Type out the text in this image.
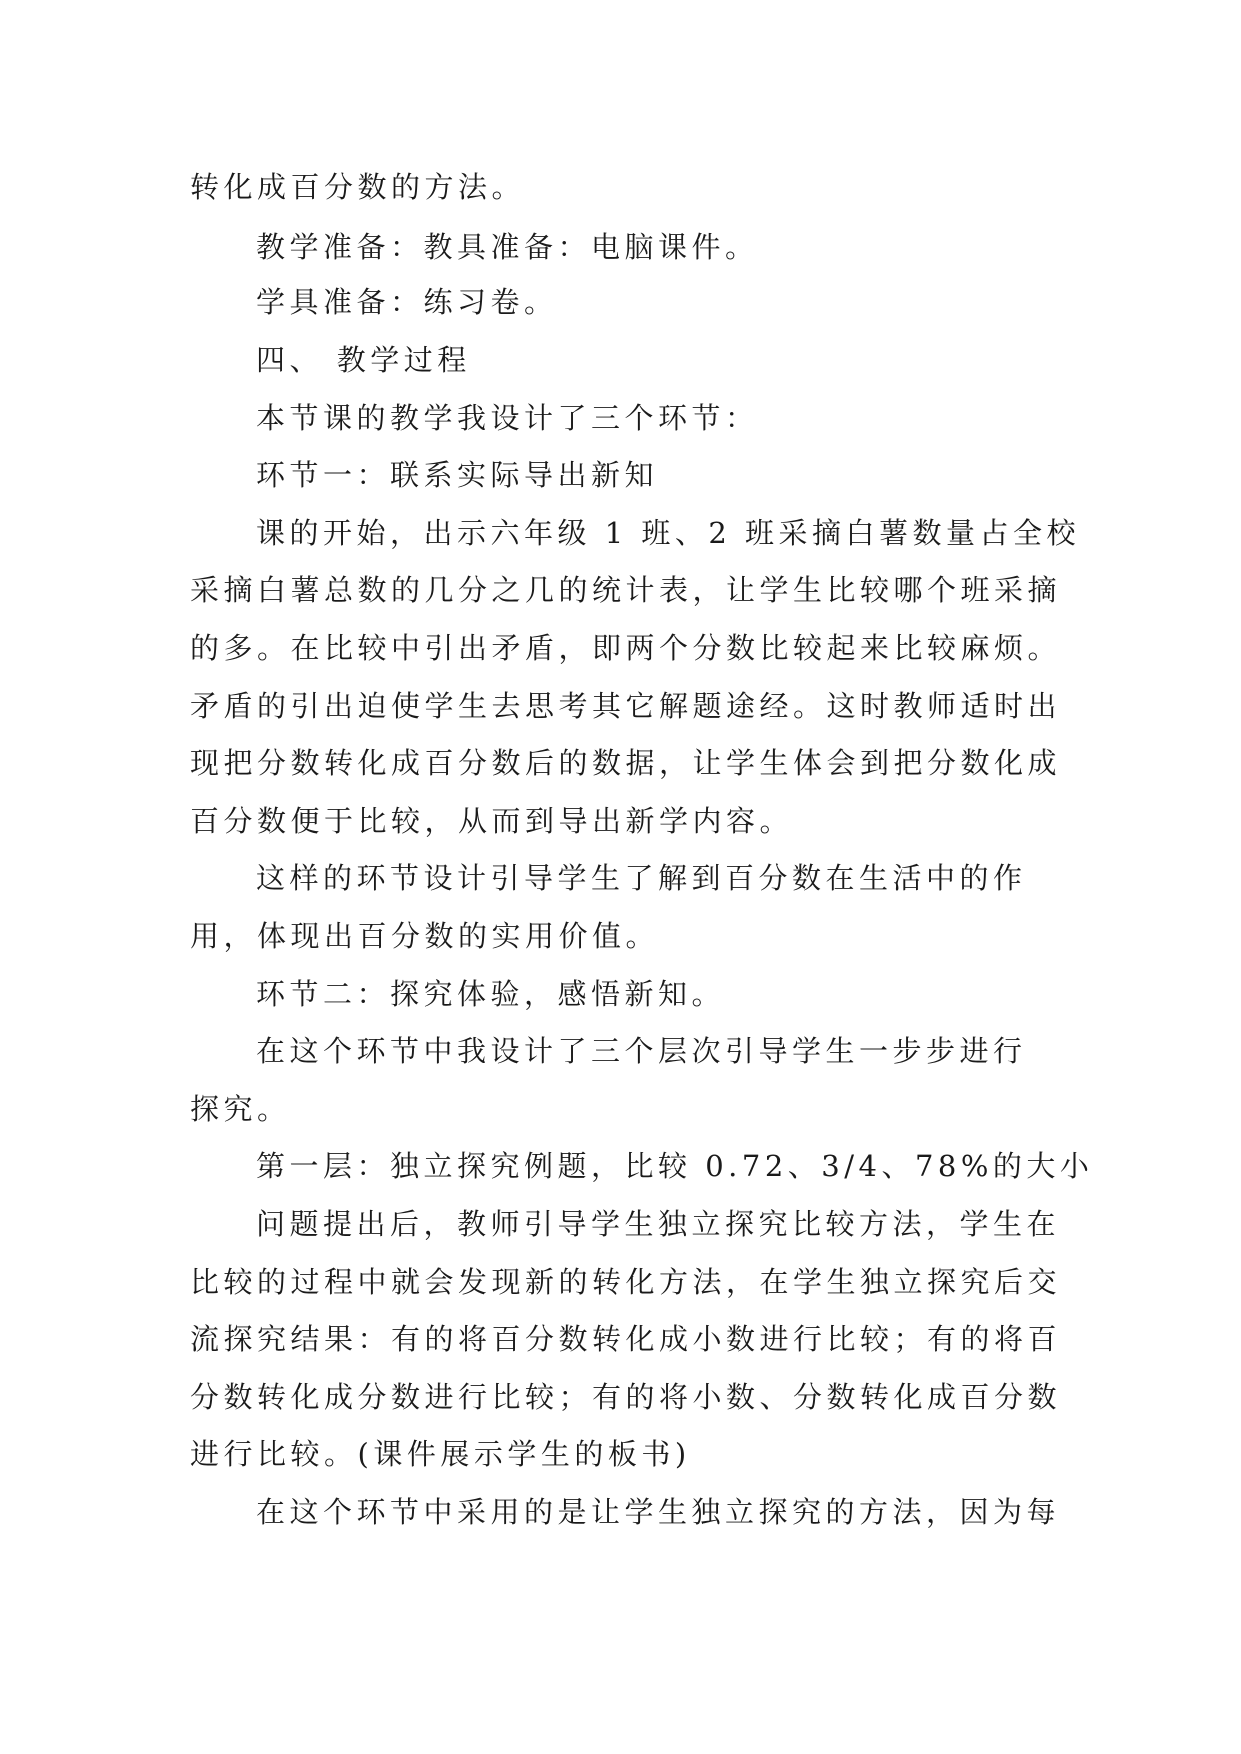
转化成百分数的方法。
教学准备：教具准备：电脑课件。
学具准备：练习卷。
四、 教学过程
本节课的教学我设计了三个环节：
环节一：联系实际导出新知
课的开始，出示六年级 1 班、2 班采摘白薯数量占全校
采摘白薯总数的几分之几的统计表，让学生比较哪个班采摘
的多。在比较中引出矛盾，即两个分数比较起来比较麻烦。
矛盾的引出迫使学生去思考其它解题途经。这时教师适时出
现把分数转化成百分数后的数据，让学生体会到把分数化成
百分数便于比较，从而到导出新学内容。
这样的环节设计引导学生了解到百分数在生活中的作
用，体现出百分数的实用价值。
环节二：探究体验，感悟新知。
在这个环节中我设计了三个层次引导学生一步步进行
探究。
第一层：独立探究例题，比较 0.72、3/4、78%的大小
问题提出后，教师引导学生独立探究比较方法，学生在
比较的过程中就会发现新的转化方法，在学生独立探究后交
流探究结果：有的将百分数转化成小数进行比较；有的将百
分数转化成分数进行比较；有的将小数、分数转化成百分数
进行比较。(课件展示学生的板书)
在这个环节中采用的是让学生独立探究的方法，因为每
